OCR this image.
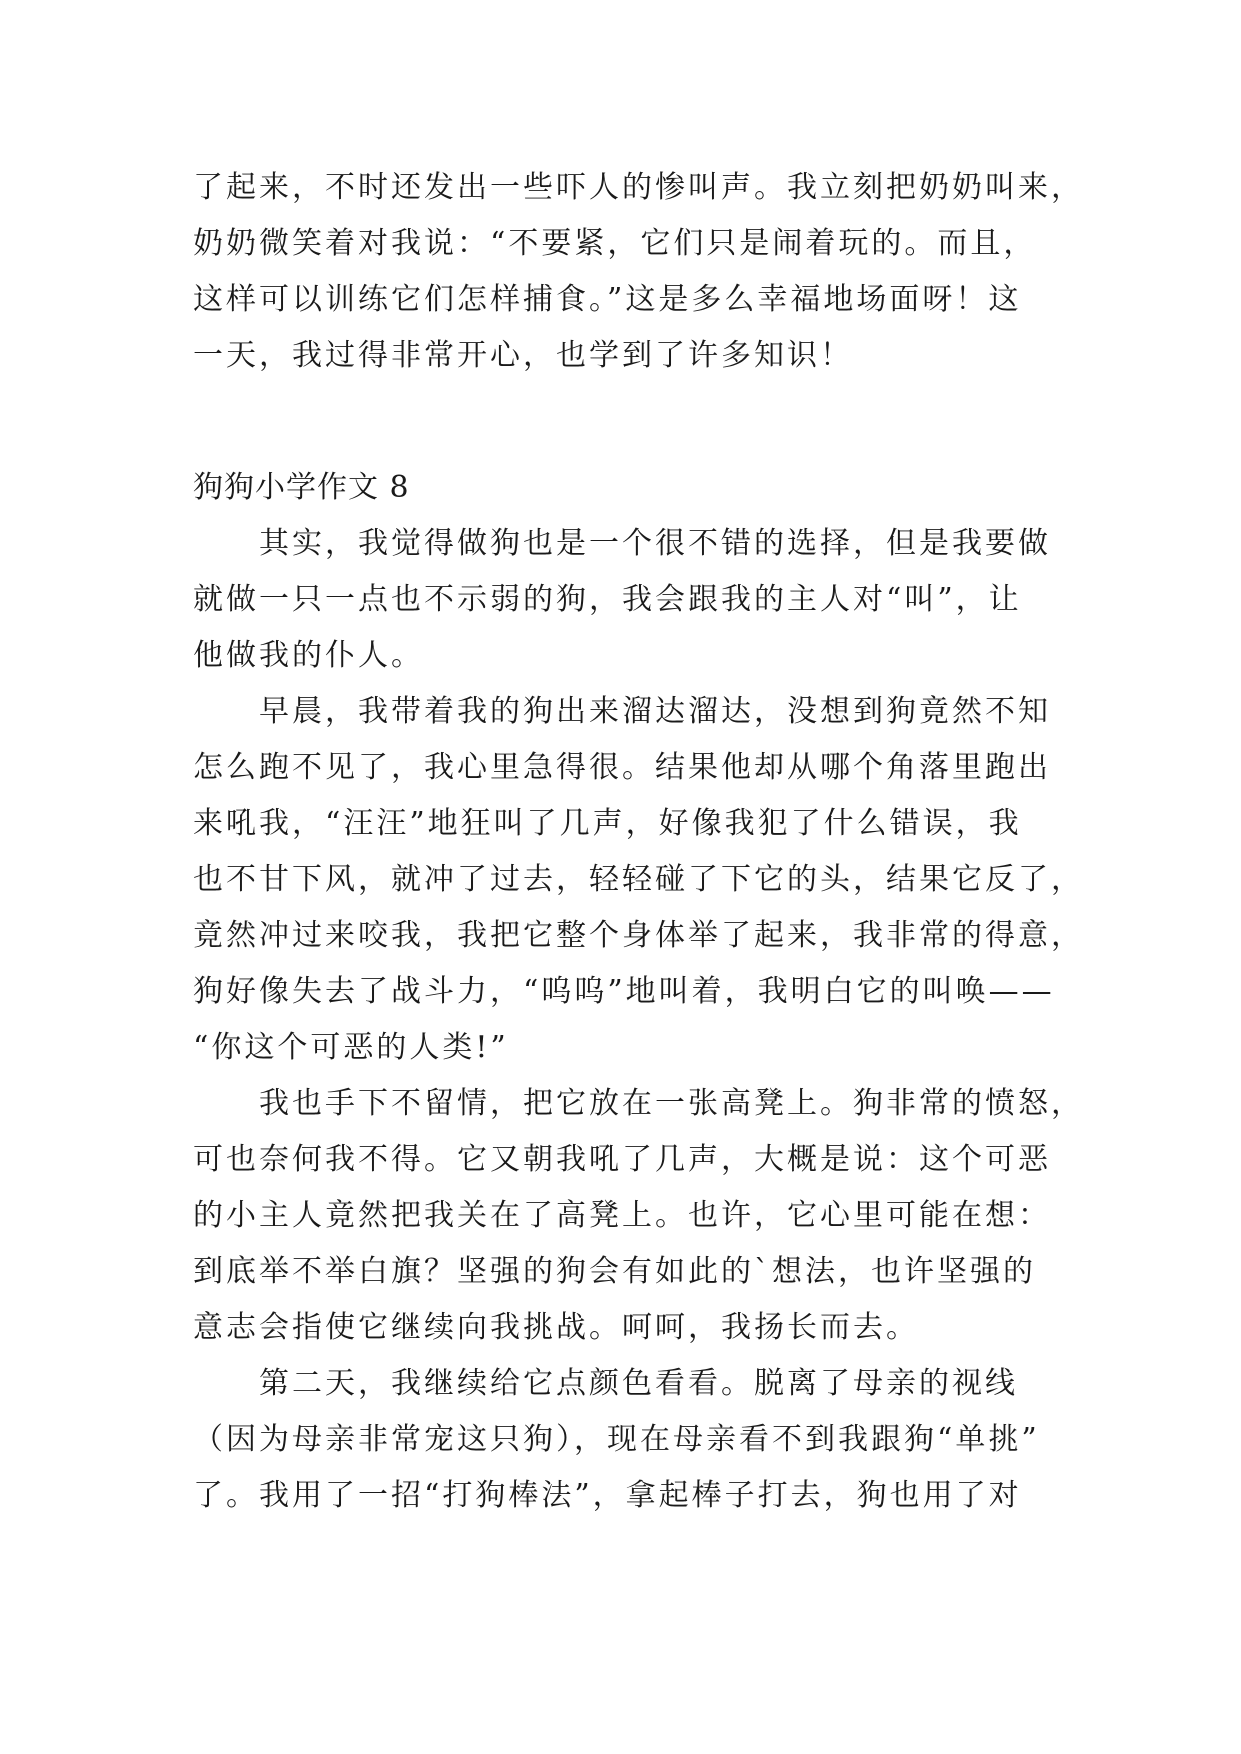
了起来，不时还发出一些吓人的惨叫声。我立刻把奶奶叫来，
奶奶微笑着对我说：“不要紧，它们只是闹着玩的。而且，
这样可以训练它们怎样捕食。”这是多么幸福地场面呀！这
一天，我过得非常开心，也学到了许多知识！
狗狗小学作文 8
其实，我觉得做狗也是一个很不错的选择，但是我要做
就做一只一点也不示弱的狗，我会跟我的主人对“叫”，让
他做我的仆人。
早晨，我带着我的狗出来溜达溜达，没想到狗竟然不知
怎么跑不见了，我心里急得很。结果他却从哪个角落里跑出
来吼我，“汪汪”地狂叫了几声，好像我犯了什么错误，我
也不甘下风，就冲了过去，轻轻碰了下它的头，结果它反了，
竟然冲过来咬我，我把它整个身体举了起来，我非常的得意，
狗好像失去了战斗力，“呜呜”地叫着，我明白它的叫唤——
“你这个可恶的人类!”
我也手下不留情，把它放在一张高凳上。狗非常的愤怒，
可也奈何我不得。它又朝我吼了几声，大概是说：这个可恶
的小主人竟然把我关在了高凳上。也许，它心里可能在想：
到底举不举白旗？坚强的狗会有如此的`想法，也许坚强的
意志会指使它继续向我挑战。呵呵，我扬长而去。
第二天，我继续给它点颜色看看。脱离了母亲的视线
（因为母亲非常宠这只狗），现在母亲看不到我跟狗“单挑”
了。我用了一招“打狗棒法”，拿起棒子打去，狗也用了对
